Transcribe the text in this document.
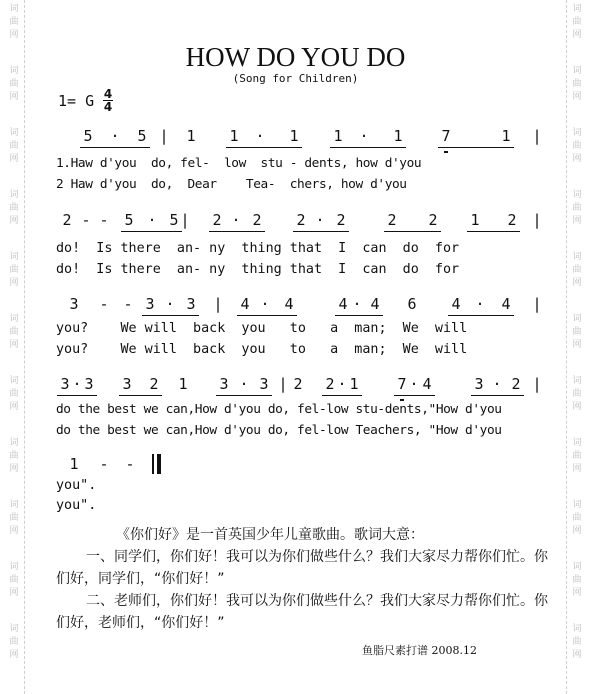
词
曲
网
词
曲
网
词
曲
网
词
曲
网
词
曲
网
词
曲
网
词
曲
网
词
曲
网
词
曲
网
词
曲
网
词
曲
网
词
曲
网
词
曲
网
词
曲
网
词
曲
网
词
曲
网
词
曲
网
词
曲
网
词
曲
网
词
曲
网
词
曲
网
词
曲
网
HOW DO YOU DO
(Song for Children)
1= G 4
4
5 · 5 | 1 1 · 1 1 · 1	7	1 |
1.Haw d'you  do, fel-  low  stu - dents, how d'you
2 Haw d'you  do,  Dear    Tea-  chers, how d'you
2 - - 5 · 5 | 2 · 2 2 · 2	2 2 1 2 |
do!  Is there  an- ny  thing that  I  can  do  for
do!  Is there  an- ny  thing that  I  can  do  for
3 - - 3 · 3 | 4 · 4	4 · 4 6 4 · 4 |
you?    We will  back  you   to   a  man;  We  will
you?    We will  back  you   to   a  man;  We  will
3 · 3 3 2 1 3 · 3 | 2 2 · 1	7 · 4	3 · 2 |
do the best we can,How d'you do, fel-low stu-dents,"How d'you
do the best we can,How d'you do, fel-low Teachers, "How d'you
1 - -
you".
you".

《你们好》是一首英国少年儿童歌曲。歌词大意：

一、同学们，你们好！我可以为你们做些什么？我们大家尽力帮你们忙。你们好，同学们，“你们好！”

二、老师们，你们好！我可以为你们做些什么？我们大家尽力帮你们忙。你们好，老师们，“你们好！”

鱼脂尺素打谱 2008.12
